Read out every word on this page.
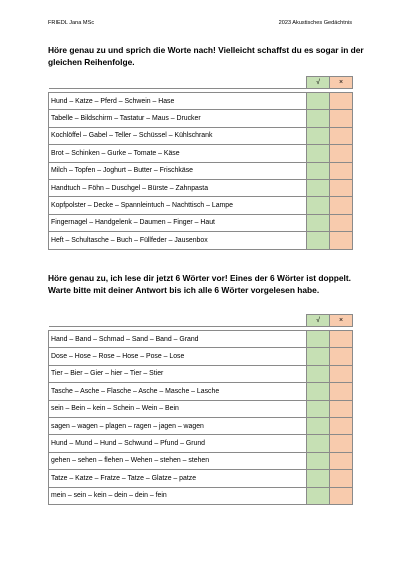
FRIEDL Jana MSc	2023 Akustisches Gedächtnis

Höre genau zu und sprich die Worte nach! Vielleicht schaffst du es sogar in der gleichen Reihenfolge.

	√	×

Hund – Katze – Pferd – Schwein – Hase		
Tabelle – Bildschirm – Tastatur – Maus – Drucker		
Kochlöffel – Gabel – Teller – Schüssel – Kühlschrank		
Brot – Schinken – Gurke – Tomate – Käse		
Milch – Topfen – Joghurt – Butter – Frischkäse		
Handtuch – Föhn – Duschgel – Bürste – Zahnpasta		
Kopfpolster – Decke – Spannleintuch – Nachttisch – Lampe		
Fingernagel – Handgelenk – Daumen – Finger – Haut		
Heft – Schultasche – Buch – Füllfeder – Jausenbox		

Höre genau zu, ich lese dir jetzt 6 Wörter vor! Eines der 6 Wörter ist doppelt. Warte bitte mit deiner Antwort bis ich alle 6 Wörter vorgelesen habe.

	√	×

Hand – Band – Schmad – Sand – Band – Grand		
Dose – Hose – Rose – Hose – Pose – Lose		
Tier – Bier – Gier – hier – Tier – Stier		
Tasche – Asche – Flasche – Asche – Masche – Lasche		
sein – Bein – kein – Schein – Wein – Bein		
sagen – wagen – plagen – ragen – jagen – wagen		
Hund – Mund – Hund – Schwund – Pfund – Grund		
gehen – sehen – flehen – Wehen – stehen – stehen		
Tatze – Katze – Fratze – Tatze – Glatze – patze		
mein – sein – kein – dein – dein – fein		
